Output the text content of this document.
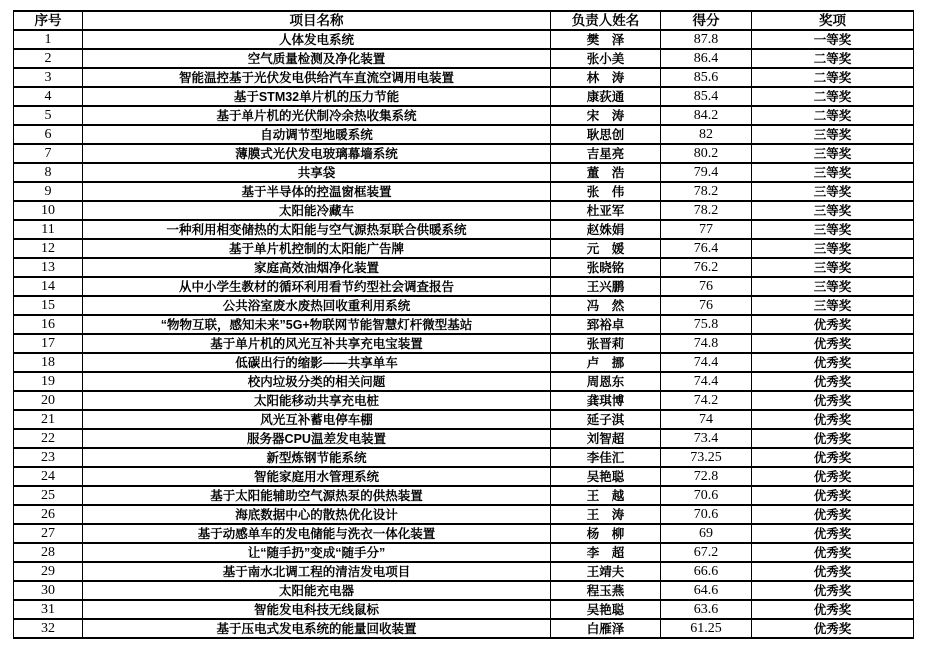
序号	项目名称	负责人姓名	得分	奖项
1	人体发电系统	樊　泽	87.8	一等奖
2	空气质量检测及净化装置	张小美	86.4	二等奖
3	智能温控基于光伏发电供给汽车直流空调用电装置	林　涛	85.6	二等奖
4	基于STM32单片机的压力节能	康荻通	85.4	二等奖
5	基于单片机的光伏制冷余热收集系统	宋　涛	84.2	二等奖
6	自动调节型地暖系统	耿思创	82	三等奖
7	薄膜式光伏发电玻璃幕墙系统	吉星亮	80.2	三等奖
8	共享袋	董　浩	79.4	三等奖
9	基于半导体的控温窗框装置	张　伟	78.2	三等奖
10	太阳能冷藏车	杜亚军	78.2	三等奖
11	一种利用相变储热的太阳能与空气源热泵联合供暖系统	赵姝娟	77	三等奖
12	基于单片机控制的太阳能广告牌	元　媛	76.4	三等奖
13	家庭高效油烟净化装置	张晓铭	76.2	三等奖
14	从中小学生教材的循环利用看节约型社会调查报告	王兴鹏	76	三等奖
15	公共浴室废水废热回收重利用系统	冯　然	76	三等奖
16	“物物互联，感知未来”5G+物联网节能智慧灯杆微型基站	郅裕卓	75.8	优秀奖
17	基于单片机的风光互补共享充电宝装置	张晋莉	74.8	优秀奖
18	低碳出行的缩影——共享单车	卢　挪	74.4	优秀奖
19	校内垃圾分类的相关问题	周恩东	74.4	优秀奖
20	太阳能移动共享充电桩	龚琪博	74.2	优秀奖
21	风光互补蓄电停车棚	延子淇	74	优秀奖
22	服务器CPU温差发电装置	刘智超	73.4	优秀奖
23	新型炼钢节能系统	李佳汇	73.25	优秀奖
24	智能家庭用水管理系统	吴艳聪	72.8	优秀奖
25	基于太阳能辅助空气源热泵的供热装置	王　越	70.6	优秀奖
26	海底数据中心的散热优化设计	王　涛	70.6	优秀奖
27	基于动感单车的发电储能与洗衣一体化装置	杨　柳	69	优秀奖
28	让“随手扔”变成“随手分”	李　超	67.2	优秀奖
29	基于南水北调工程的清洁发电项目	王靖夫	66.6	优秀奖
30	太阳能充电器	程玉燕	64.6	优秀奖
31	智能发电科技无线鼠标	吴艳聪	63.6	优秀奖
32	基于压电式发电系统的能量回收装置	白雁泽	61.25	优秀奖
